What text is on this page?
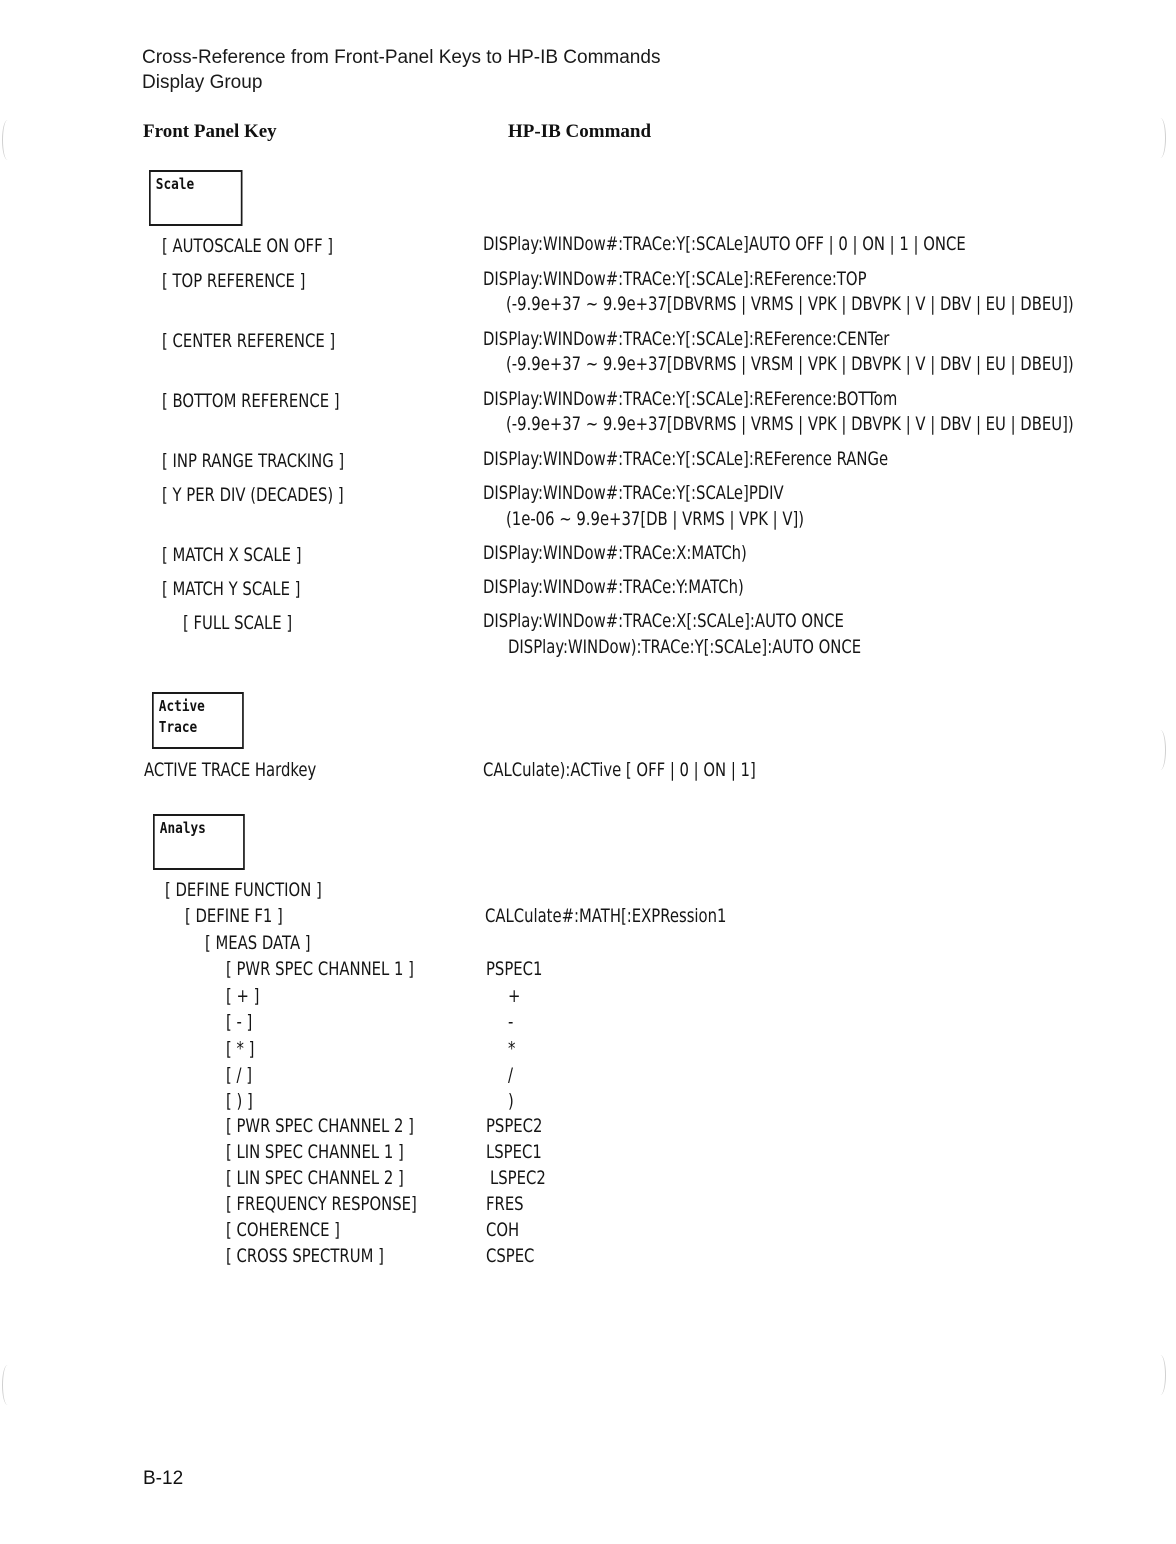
Cross-Reference from Front-Panel Keys to HP-IB Commands
Display Group
Front Panel Key	HP-IB Command
Scale
Active
Trace
Analys
[ AUTOSCALE ON OFF ]	DISPlay:WINDow#:TRACe:Y[:SCALe]AUTO OFF | 0 | ON | 1 | ONCE
[ TOP REFERENCE ]	DISPlay:WINDow#:TRACe:Y[:SCALe]:REFerence:TOP
(-9.9e+37 ~ 9.9e+37[DBVRMS | VRMS | VPK | DBVPK | V | DBV | EU | DBEU])
[ CENTER REFERENCE ]	DISPlay:WINDow#:TRACe:Y[:SCALe]:REFerence:CENTer
(-9.9e+37 ~ 9.9e+37[DBVRMS | VRSM | VPK | DBVPK | V | DBV | EU | DBEU])
[ BOTTOM REFERENCE ]	DISPlay:WINDow#:TRACe:Y[:SCALe]:REFerence:BOTTom
(-9.9e+37 ~ 9.9e+37[DBVRMS | VRMS | VPK | DBVPK | V | DBV | EU | DBEU])
[ INP RANGE TRACKING ]	DISPlay:WINDow#:TRACe:Y[:SCALe]:REFerence RANGe
[ Y PER DIV (DECADES) ]	DISPlay:WINDow#:TRACe:Y[:SCALe]PDIV
(1e-06 ~ 9.9e+37[DB | VRMS | VPK | V])
[ MATCH X SCALE ]	DISPlay:WINDow#:TRACe:X:MATCh)
[ MATCH Y SCALE ]	DISPlay:WINDow#:TRACe:Y:MATCh)
[ FULL SCALE ]	DISPlay:WINDow#:TRACe:X[:SCALe]:AUTO ONCE
DISPlay:WINDow):TRACe:Y[:SCALe]:AUTO ONCE
ACTIVE TRACE Hardkey	CALCulate):ACTive [ OFF | 0 | ON | 1]
[ DEFINE FUNCTION ]
[ DEFINE F1 ]	CALCulate#:MATH[:EXPRession1
[ MEAS DATA ]
[ PWR SPEC CHANNEL 1 ]	PSPEC1
[ + ]	+
[ - ]	-
[ * ]	*
[ / ]	/
[ ) ]	)
[ PWR SPEC CHANNEL 2 ]	PSPEC2
[ LIN SPEC CHANNEL 1 ]	LSPEC1
[ LIN SPEC CHANNEL 2 ]	LSPEC2
[ FREQUENCY RESPONSE]	FRES
[ COHERENCE ]	COH
[ CROSS SPECTRUM ]	CSPEC
B-12
